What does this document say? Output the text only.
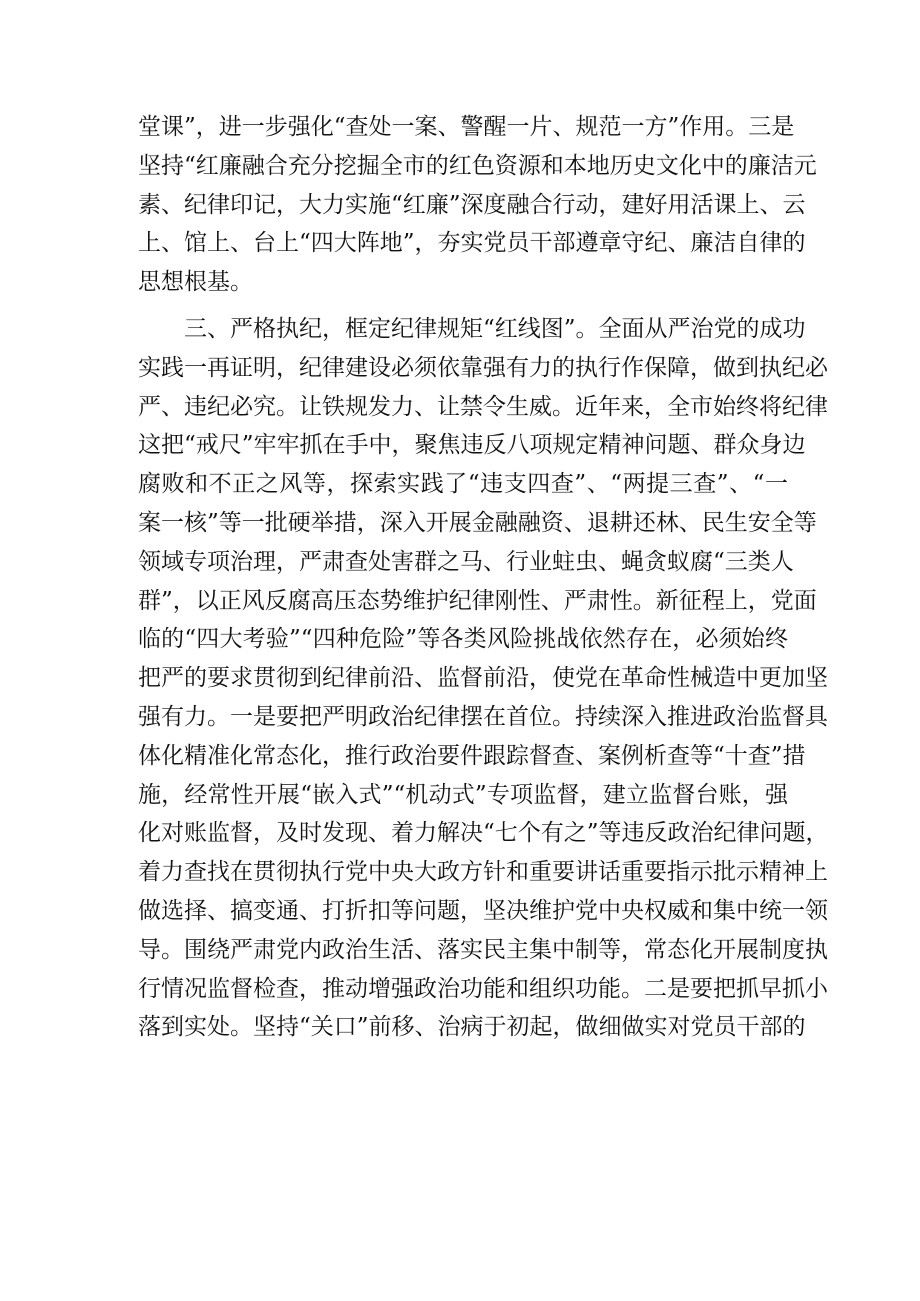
堂课”，进一步强化“查处一案、警醒一片、规范一方”作用。三是
坚持“红廉融合充分挖掘全市的红色资源和本地历史文化中的廉洁元
素、纪律印记，大力实施“红廉”深度融合行动，建好用活课上、云
上、馆上、台上“四大阵地”，夯实党员干部遵章守纪、廉洁自律的
思想根基。
三、严格执纪，框定纪律规矩“红线图”。全面从严治党的成功
实践一再证明，纪律建设必须依靠强有力的执行作保障，做到执纪必
严、违纪必究。让铁规发力、让禁令生威。近年来，全市始终将纪律
这把“戒尺”牢牢抓在手中，聚焦违反八项规定精神问题、群众身边
腐败和不正之风等，探索实践了“违支四查”、“两提三查”、“一
案一核”等一批硬举措，深入开展金融融资、退耕还林、民生安全等
领域专项治理，严肃查处害群之马、行业蛀虫、蝇贪蚁腐“三类人
群”，以正风反腐高压态势维护纪律刚性、严肃性。新征程上，党面
临的“四大考验”“四种危险”等各类风险挑战依然存在，必须始终
把严的要求贯彻到纪律前沿、监督前沿，使党在革命性械造中更加坚
强有力。一是要把严明政治纪律摆在首位。持续深入推进政治监督具
体化精准化常态化，推行政治要件跟踪督查、案例析查等“十查”措
施，经常性开展“嵌入式”“机动式”专项监督，建立监督台账，强
化对账监督，及时发现、着力解决“七个有之”等违反政治纪律问题，
着力查找在贯彻执行党中央大政方针和重要讲话重要指示批示精神上
做选择、搞变通、打折扣等问题，坚决维护党中央权威和集中统一领
导。围绕严肃党内政治生活、落实民主集中制等，常态化开展制度执
行情况监督检查，推动增强政治功能和组织功能。二是要把抓早抓小
落到实处。坚持“关口”前移、治病于初起，做细做实对党员干部的
